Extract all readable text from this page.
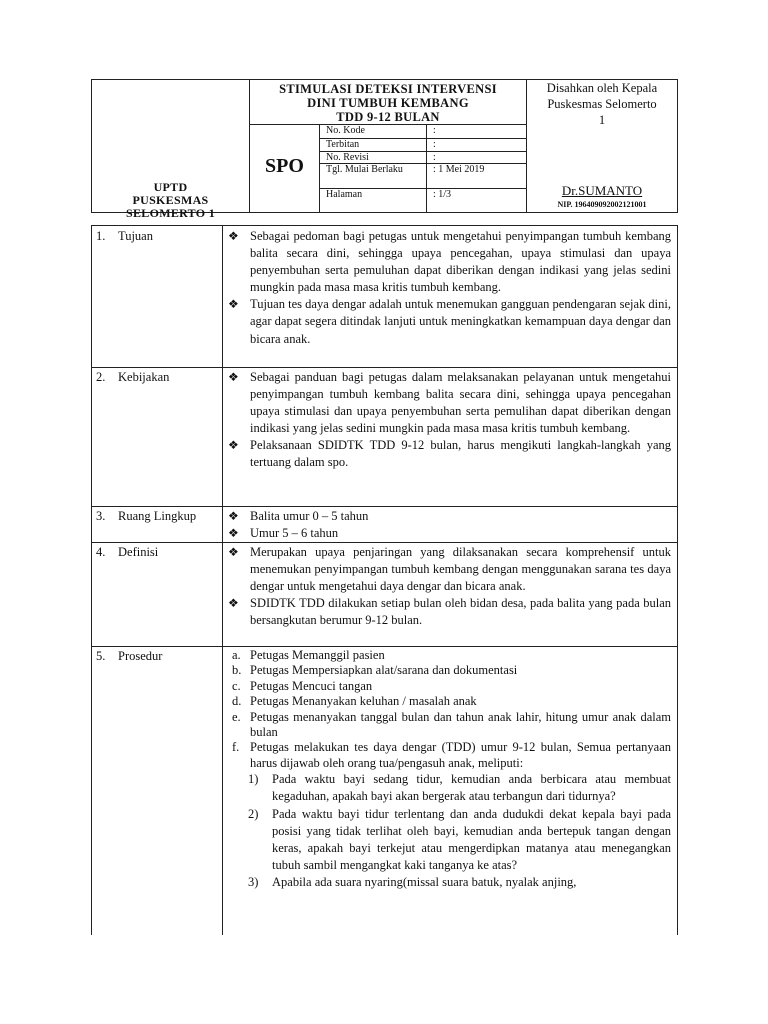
UPTD
PUSKESMAS
SELOMERTO 1
STIMULASI DETEKSI INTERVENSI
DINI TUMBUH KEMBANG
TDD 9-12 BULAN
SPO
No. Kode	:
Terbitan	:
No. Revisi	:
Tgl. Mulai Berlaku	: 1 Mei 2019
Halaman	: 1/3
Disahkan oleh Kepala
Puskesmas Selomerto
1
Dr.SUMANTO
NIP. 196409092002121001
1. Tujuan	❖ Sebagai pedoman bagi petugas untuk mengetahui penyimpangan tumbuh kembang balita secara dini, sehingga upaya pencegahan, upaya stimulasi dan upaya penyembuhan serta pemuluhan dapat diberikan dengan indikasi yang jelas sedini mungkin pada masa masa kritis tumbuh kembang.
❖ Tujuan tes daya dengar adalah untuk menemukan gangguan pendengaran sejak dini, agar dapat segera ditindak lanjuti untuk meningkatkan kemampuan daya dengar dan bicara anak.
2. Kebijakan	❖ Sebagai panduan bagi petugas dalam melaksanakan pelayanan untuk mengetahui penyimpangan tumbuh kembang balita secara dini, sehingga upaya pencegahan upaya stimulasi dan upaya penyembuhan serta pemulihan dapat diberikan dengan indikasi yang jelas sedini mungkin pada masa masa kritis tumbuh kembang.
❖ Pelaksanaan SDIDTK TDD 9-12 bulan, harus mengikuti langkah-langkah yang tertuang dalam spo.
3. Ruang Lingkup	❖ Balita umur 0 – 5 tahun
❖ Umur 5 – 6 tahun
4. Definisi	❖ Merupakan upaya penjaringan yang dilaksanakan secara komprehensif untuk menemukan penyimpangan tumbuh kembang dengan menggunakan sarana tes daya dengar untuk mengetahui daya dengar dan bicara anak.
❖ SDIDTK TDD dilakukan setiap bulan oleh bidan desa, pada balita yang pada bulan bersangkutan berumur 9-12 bulan.
5. Prosedur	a. Petugas Memanggil pasien
b. Petugas Mempersiapkan alat/sarana dan dokumentasi
c. Petugas Mencuci tangan
d. Petugas Menanyakan keluhan / masalah anak
e. Petugas menanyakan tanggal bulan dan tahun anak lahir, hitung umur anak dalam bulan
f. Petugas melakukan tes daya dengar (TDD) umur 9-12 bulan, Semua pertanyaan harus dijawab oleh orang tua/pengasuh anak, meliputi:
1) Pada waktu bayi sedang tidur, kemudian anda berbicara atau membuat kegaduhan, apakah bayi akan bergerak atau terbangun dari tidurnya?
2) Pada waktu bayi tidur terlentang dan anda dudukdi dekat kepala bayi pada posisi yang tidak terlihat oleh bayi, kemudian anda bertepuk tangan dengan keras, apakah bayi terkejut atau mengerdipkan matanya atau menegangkan tubuh sambil mengangkat kaki tanganya ke atas?
3) Apabila ada suara nyaring(missal suara batuk, nyalak anjing,
